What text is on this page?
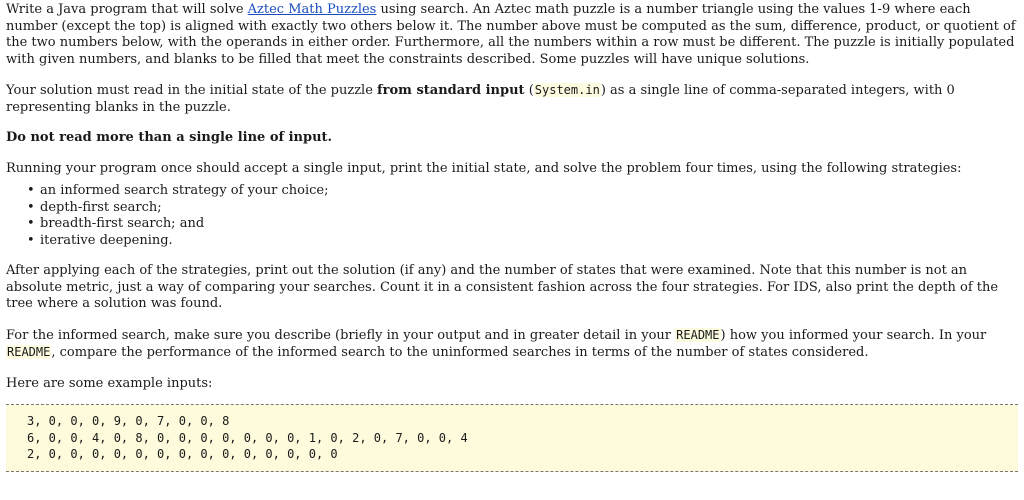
Write a Java program that will solve Aztec Math Puzzles using search. An Aztec math puzzle is a number triangle using the values 1-9 where each number (except the top) is aligned with exactly two others below it. The number above must be computed as the sum, difference, product, or quotient of the two numbers below, with the operands in either order. Furthermore, all the numbers within a row must be different. The puzzle is initially populated with given numbers, and blanks to be filled that meet the constraints described. Some puzzles will have unique solutions.

Your solution must read in the initial state of the puzzle from standard input (System.in) as a single line of comma-separated integers, with 0 representing blanks in the puzzle.

Do not read more than a single line of input.

Running your program once should accept a single input, print the initial state, and solve the problem four times, using the following strategies:

• an informed search strategy of your choice;
• depth-first search;
• breadth-first search; and
• iterative deepening.

After applying each of the strategies, print out the solution (if any) and the number of states that were examined. Note that this number is not an absolute metric, just a way of comparing your searches. Count it in a consistent fashion across the four strategies. For IDS, also print the depth of the tree where a solution was found.

For the informed search, make sure you describe (briefly in your output and in greater detail in your README) how you informed your search. In your README, compare the performance of the informed search to the uninformed searches in terms of the number of states considered.

Here are some example inputs:

3, 0, 0, 0, 9, 0, 7, 0, 0, 8
6, 0, 0, 4, 0, 8, 0, 0, 0, 0, 0, 0, 0, 1, 0, 2, 0, 7, 0, 0, 4
2, 0, 0, 0, 0, 0, 0, 0, 0, 0, 0, 0, 0, 0, 0
